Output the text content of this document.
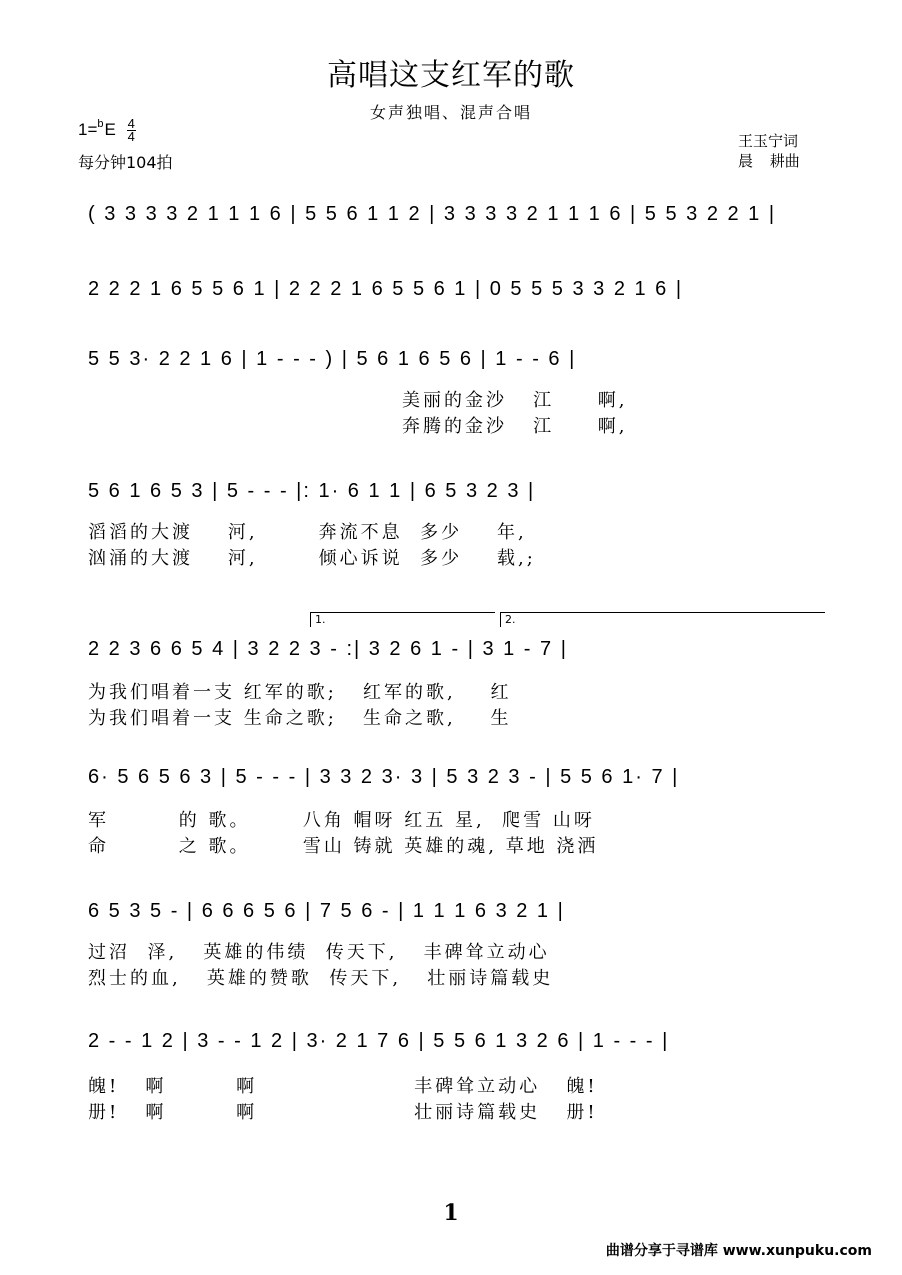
高唱这支红军的歌
女声独唱、混声合唱
$1=^bE \frac{4}{4}$
每分钟104拍
王玉宁词
晨 耕曲
( 3 3 3 3 2 1 1 1 6 | 5 5 6 1 1 2 | 3 3 3 3 2 1 1 1 6 | 5 5 3 2 2 1 |
2 2 2 1 6 5 5 6 1 | 2 2 2 1 6 5 5 6 1 | 0 5 5 5 3 3 2 1 6 |
5 5 3· 2 2 1 6 | 1 - - - ) | 5 6 1 6 5 6 | 1 - - 6 |
美丽的金沙   江     啊,
奔腾的金沙   江     啊,
5 6 1 6 5 3 | 5 - - - |: 1· 6 1 1 | 6 5 3 2 3 |
滔滔的大渡    河,       奔流不息  多少    年,
汹涌的大渡    河,       倾心诉说  多少    载,;
1.	2.
2 2 3 6 6 5 4 | 3 2 2 3 - :| 3 2 6 1 - | 3 1 - 7 |
为我们唱着一支 红军的歌;   红军的歌,    红
为我们唱着一支 生命之歌;   生命之歌,    生
6· 5 6 5 6 3 | 5 - - - | 3 3 2 3· 3 | 5 3 2 3 - | 5 5 6 1· 7 |
军        的 歌。      八角 帽呀 红五 星,  爬雪 山呀
命        之 歌。      雪山 铸就 英雄的魂, 草地 浇洒
6 5 3 5 - | 6 6 6 5 6 | 7 5 6 - | 1 1 1 6 3 2 1 |
过沼  泽,   英雄的伟绩  传天下,   丰碑耸立动心
烈士的血,   英雄的赞歌  传天下,   壮丽诗篇载史
2 - - 1 2 | 3 - - 1 2 | 3· 2 1 7 6 | 5 5 6 1 3 2 6 | 1 - - - |
魄!   啊        啊                  丰碑耸立动心   魄!
册!   啊        啊                  壮丽诗篇载史   册!
1
曲谱分享于寻谱库 www.xunpuku.com
